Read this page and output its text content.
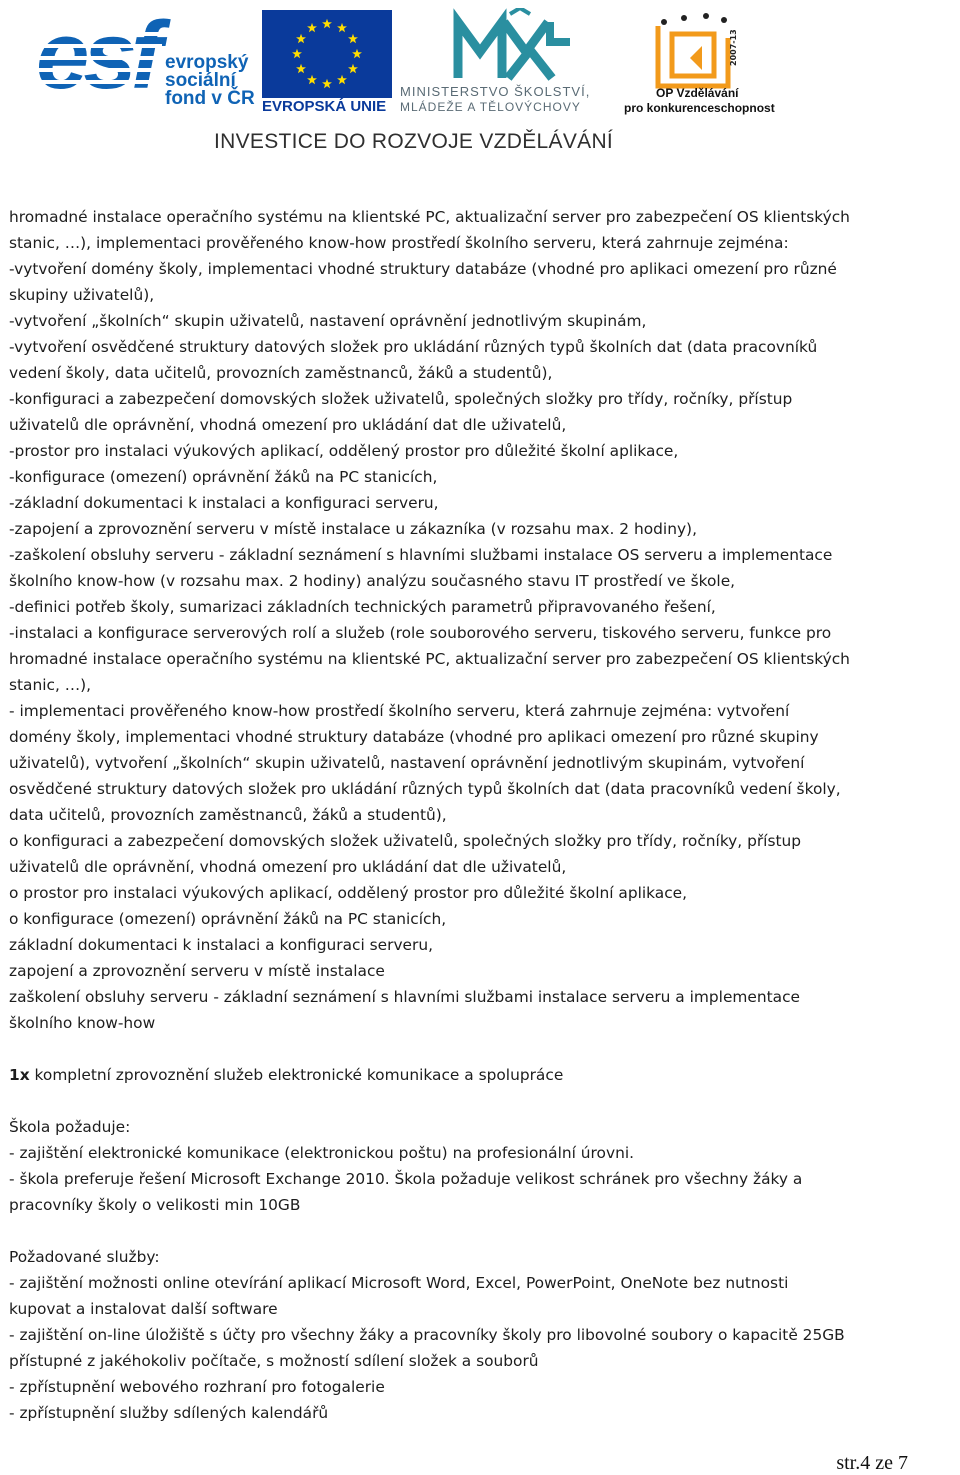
evropský
sociální
fond v ČR EVROPSKÁ UNIE
MINISTERSTVO ŠKOLSTVÍ,
MLÁDEŽE A TĚLOVÝCHOVY
2007-13
OP Vzdělávání
pro konkurenceschopnost
INVESTICE DO ROZVOJE VZDĚLÁVÁNÍ

hromadné instalace operačního systému na klientské PC, aktualizační server pro zabezpečení OS klientských

stanic, …), implementaci prověřeného know-how prostředí školního serveru, která zahrnuje zejména:

-vytvoření domény školy, implementaci vhodné struktury databáze (vhodné pro aplikaci omezení pro různé

skupiny uživatelů),

-vytvoření „školních“ skupin uživatelů, nastavení oprávnění jednotlivým skupinám,

-vytvoření osvědčené struktury datových složek pro ukládání různých typů školních dat (data pracovníků

vedení školy, data učitelů, provozních zaměstnanců, žáků a studentů),

-konfiguraci a zabezpečení domovských složek uživatelů, společných složky pro třídy, ročníky, přístup

uživatelů dle oprávnění, vhodná omezení pro ukládání dat dle uživatelů,

-prostor pro instalaci výukových aplikací, oddělený prostor pro důležité školní aplikace,

-konfigurace (omezení) oprávnění žáků na PC stanicích,

-základní dokumentaci k instalaci a konfiguraci serveru,

-zapojení a zprovoznění serveru v místě instalace u zákazníka (v rozsahu max. 2 hodiny),

-zaškolení obsluhy serveru - základní seznámení s hlavními službami instalace OS serveru a implementace

školního know-how (v rozsahu max. 2 hodiny) analýzu současného stavu IT prostředí ve škole,

-definici potřeb školy, sumarizaci základních technických parametrů připravovaného řešení,

-instalaci a konfigurace serverových rolí a služeb (role souborového serveru, tiskového serveru, funkce pro

hromadné instalace operačního systému na klientské PC, aktualizační server pro zabezpečení OS klientských

stanic, …),

- implementaci prověřeného know-how prostředí školního serveru, která zahrnuje zejména: vytvoření

domény školy, implementaci vhodné struktury databáze (vhodné pro aplikaci omezení pro různé skupiny

uživatelů), vytvoření „školních“ skupin uživatelů, nastavení oprávnění jednotlivým skupinám, vytvoření

osvědčené struktury datových složek pro ukládání různých typů školních dat (data pracovníků vedení školy,

data učitelů, provozních zaměstnanců, žáků a studentů),

o konfiguraci a zabezpečení domovských složek uživatelů, společných složky pro třídy, ročníky, přístup

uživatelů dle oprávnění, vhodná omezení pro ukládání dat dle uživatelů,

o prostor pro instalaci výukových aplikací, oddělený prostor pro důležité školní aplikace,

o konfigurace (omezení) oprávnění žáků na PC stanicích,

základní dokumentaci k instalaci a konfiguraci serveru,

zapojení a zprovoznění serveru v místě instalace

zaškolení obsluhy serveru - základní seznámení s hlavními službami instalace serveru a implementace

školního know-how

1x kompletní zprovoznění služeb elektronické komunikace a spolupráce

Škola požaduje:

- zajištění elektronické komunikace (elektronickou poštu) na profesionální úrovni.

- škola preferuje řešení Microsoft Exchange 2010. Škola požaduje velikost schránek pro všechny žáky a

pracovníky školy o velikosti min 10GB

Požadované služby:

- zajištění možnosti online otevírání aplikací Microsoft Word, Excel, PowerPoint, OneNote bez nutnosti

kupovat a instalovat další software

- zajištění on-line úložiště s účty pro všechny žáky a pracovníky školy pro libovolné soubory o kapacitě 25GB

přístupné z jakéhokoliv počítače, s možností sdílení složek a souborů

- zpřístupnění webového rozhraní pro fotogalerie

- zpřístupnění služby sdílených kalendářů

str.4 ze 7
